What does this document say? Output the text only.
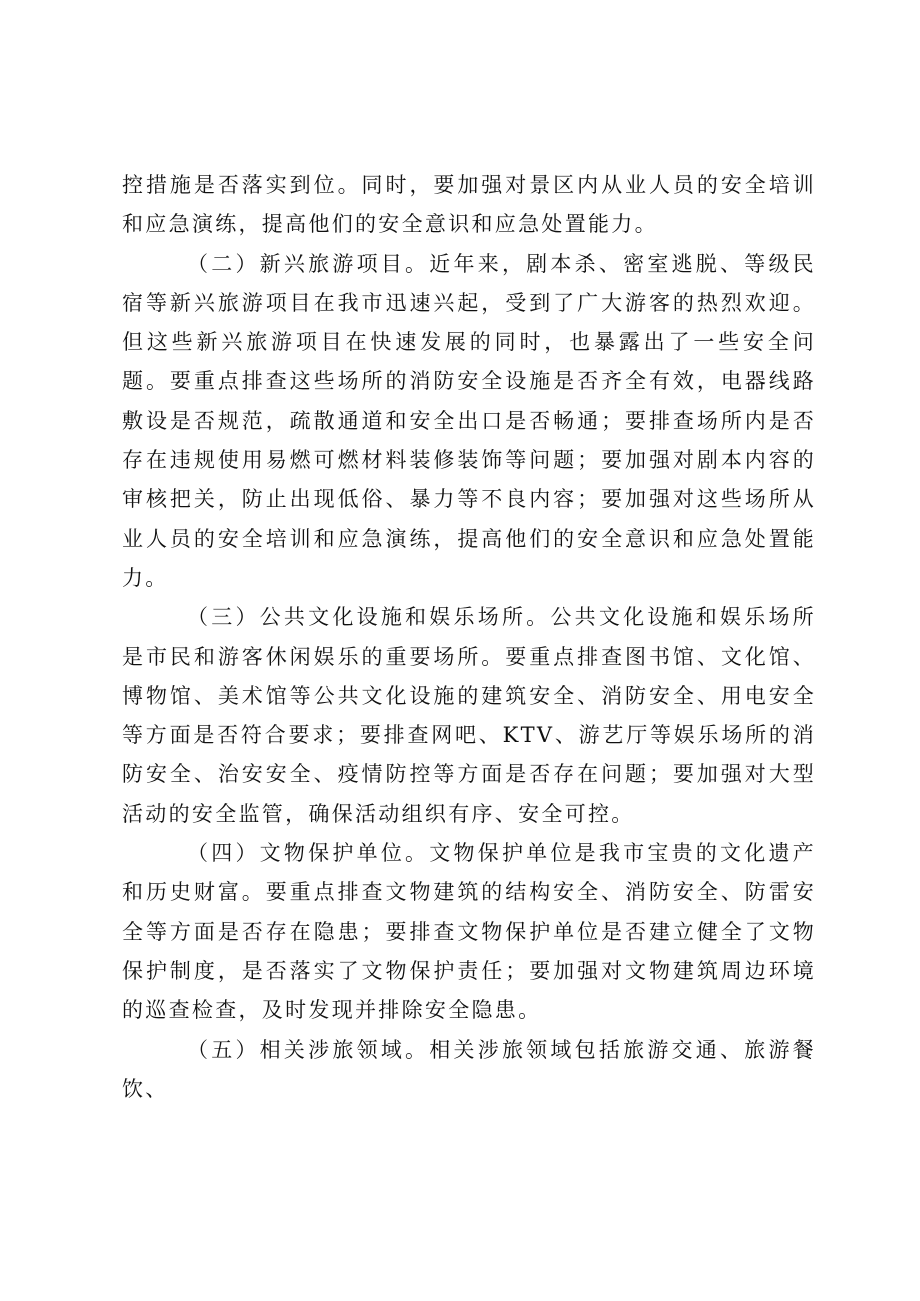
控措施是否落实到位。同时，要加强对景区内从业人员的安全培训和应急演练，提高他们的安全意识和应急处置能力。

（二）新兴旅游项目。近年来，剧本杀、密室逃脱、等级民宿等新兴旅游项目在我市迅速兴起，受到了广大游客的热烈欢迎。但这些新兴旅游项目在快速发展的同时，也暴露出了一些安全问题。要重点排查这些场所的消防安全设施是否齐全有效，电器线路敷设是否规范，疏散通道和安全出口是否畅通；要排查场所内是否存在违规使用易燃可燃材料装修装饰等问题；要加强对剧本内容的审核把关，防止出现低俗、暴力等不良内容；要加强对这些场所从业人员的安全培训和应急演练，提高他们的安全意识和应急处置能力。

（三）公共文化设施和娱乐场所。公共文化设施和娱乐场所是市民和游客休闲娱乐的重要场所。要重点排查图书馆、文化馆、博物馆、美术馆等公共文化设施的建筑安全、消防安全、用电安全等方面是否符合要求；要排查网吧、KTV、游艺厅等娱乐场所的消防安全、治安安全、疫情防控等方面是否存在问题；要加强对大型活动的安全监管，确保活动组织有序、安全可控。

（四）文物保护单位。文物保护单位是我市宝贵的文化遗产和历史财富。要重点排查文物建筑的结构安全、消防安全、防雷安全等方面是否存在隐患；要排查文物保护单位是否建立健全了文物保护制度，是否落实了文物保护责任；要加强对文物建筑周边环境的巡查检查，及时发现并排除安全隐患。

（五）相关涉旅领域。相关涉旅领域包括旅游交通、旅游餐饮、
